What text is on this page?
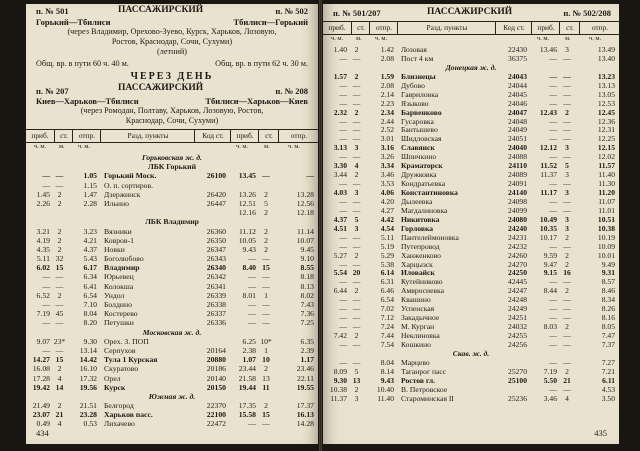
п. № 501	ПАССАЖИРСКИЙ	п. № 502
Горький—Тбилиси	Тбилиси—Горький
(через Владимир, Орехово-Зуево, Курск, Харьков, Лозовую,
Ростов, Краснодар, Сочи, Сухуми)
(летний)
Общ. вр. в пути 60 ч. 40 м.	Общ. вр. в пути 62 ч. 30 м.
ЧЕРЕЗ ДЕНЬ
п. № 207	ПАССАЖИРСКИЙ	п. № 208
Киев—Харьков—Тбилиси	Тбилиси—Харьков—Киев
(через Ромодан, Полтаву, Харьков, Лозовую, Ростов,
Краснодар, Сочи, Сухуми)
приб.	ст.	отпр.	Разд. пункты	Код ст.	приб.	ст.	отпр.
ч. м. м. ч. м.	ч. м. м.	ч. м.
Горьковская ж. д.
ЛБК Горький
— —	1.05 Горький Моск.	26100	13.45 —	—
— —	1.15 О. п. сортиров.
1.45 2	1.47 Дзержинск	26420	13.26	2	13.28
2.26 2	2.28 Ильино	26447	12.51	5	12.56
12.16	2	12.18
ЛБК Владимир
3.21 2	3.23 Вязники	26360	11.12	2	11.14
4.19 2	4.21 Ковров-1	26350	10.05	2	10.07
4.35 2	4.37 Новки	26347	9.43	2	9.45
5.11 32	5.43 Боголюбово	26343	— —	9.10
6.02 15	6.17 Владимир	26340	8.40 15	8.55
— —	6.34 Юрьевец	26342	— —	8.18
— —	6.41 Колокша	26341	— —	8.13
6.52 2	6.54 Ундол	26339	8.01	1	8.02
— —	7.10 Болдино	26338	— —	7.43
7.19 45	8.04 Костерево	26337	— —	7.36
— —	8.20 Петушки	26336	— —	7.25
Московская ж. д.
9.07 23*	9.30 Орех. З. ПОП	6.25 10*	6.35
— —	13.14 Серпухов	20164	2.38	1	2.39
14.27 15	14.42 Тула 1 Курская	20880	1.07 10	1.17
16.08 2	16.10 Скуратово	20186	23.44	2	23.46
17.28 4	17.32 Орел	20140	21.58 13	22.11
19.42 14	19.56 Курск	20150	19.44 11	19.55
Южная ж. д.
21.49 2	21.51 Белгород	22370	17.35	2	17.37
23.07 21	23.28 Харьков пасс.	22100	15.58 15	16.13
0.49 4	0.53 Лихачево	22472	— —	14.28
434
п. № 501/207	ПАССАЖИРСКИЙ	п. № 502/208
приб.	ст.	отпр.	Разд. пункты	Код ст.	приб.	ст.	отпр.
ч. м. м. ч. м.	ч. м. м.	ч. м.
1.40 2	1.42 Лозовая	22430	13.46	3	13.49
— —	2.08 Пост 4 км	36375	— —	13.40
Донецкая ж. д.
1.57 2	1.59 Близнецы	24043	— —	13.23
— —	2.08 Дубово	24044	— —	13.13
— —	2.14 Гавриловка	24045	— —	13.05
— —	2.23 Языково	24046	— —	12.53
2.32 2	2.34 Барвенково	24047	12.43	2	12.45
— —	2.44 Гусаровка	24048	— —	12.36
— —	2.52 Бантышево	24049	— —	12.31
— —	3.01 Шидловская	24051	— —	12.25
3.13 3	3.16 Славянск	24040	12.12	3	12.15
— —	3.26 Шпичкино	24088	— —	12.02
3.30 4	3.34 Краматорск	24110	11.52	5	11.57
3.44 2	3.46 Дружковка	24089	11.37	3	11.40
— —	3.53 Кондратьевка	24091	— —	11.30
4.03 3	4.06 Константиновка	24140	11.17	3	11.20
— —	4.20 Дылеевка	24098	— —	11.07
— —	4.27 Магдалиновка	24099	— —	11.01
4.37 5	4.42 Никитовка	24080	10.49	3	10.51
4.51 3	4.54 Горловка	24240	10.35	3	10.38
— —	5.11 Пантелеймоновка	24231	10.17	2	10.19
— —	5.19 Путепровод	24232	— —	10.09
5.27 2	5.29 Ханженково	24260	9.59	2	10.01
— —	5.38 Харцызск	24270	9.47	2	9.49
5.54 20	6.14 Иловайск	24250	9.15 16	9.31
— —	6.31 Кутейниково	42445	— —	8.57
6.44 2	6.46 Амвросиевка	24247	8.44	2	8.46
— —	6.54 Квашино	24248	— —	8.34
— —	7.02 Успенская	24249	— —	8.26
— —	7.12 Закадычное	24251	— —	8.16
— —	7.24 М. Курган	24032	8.03	2	8.05
7.42 2	7.44 Неклиновка	24255	— —	7.47
— —	7.54 Кошкино	24256	— —	7.37
Скав. ж. д.
— —	8.04 Марцево	— —	7.27
8.09 5	8.14 Таганрог пасс	25270	7.19	2	7.21
9.30 13	9.43 Ростов гл.	25100	5.50 21	6.11
10.38 2	10.40 В. Петровское	— —	4.53
11.37 3	11.40 Староминская II	25236	3.46	4	3.50
435
